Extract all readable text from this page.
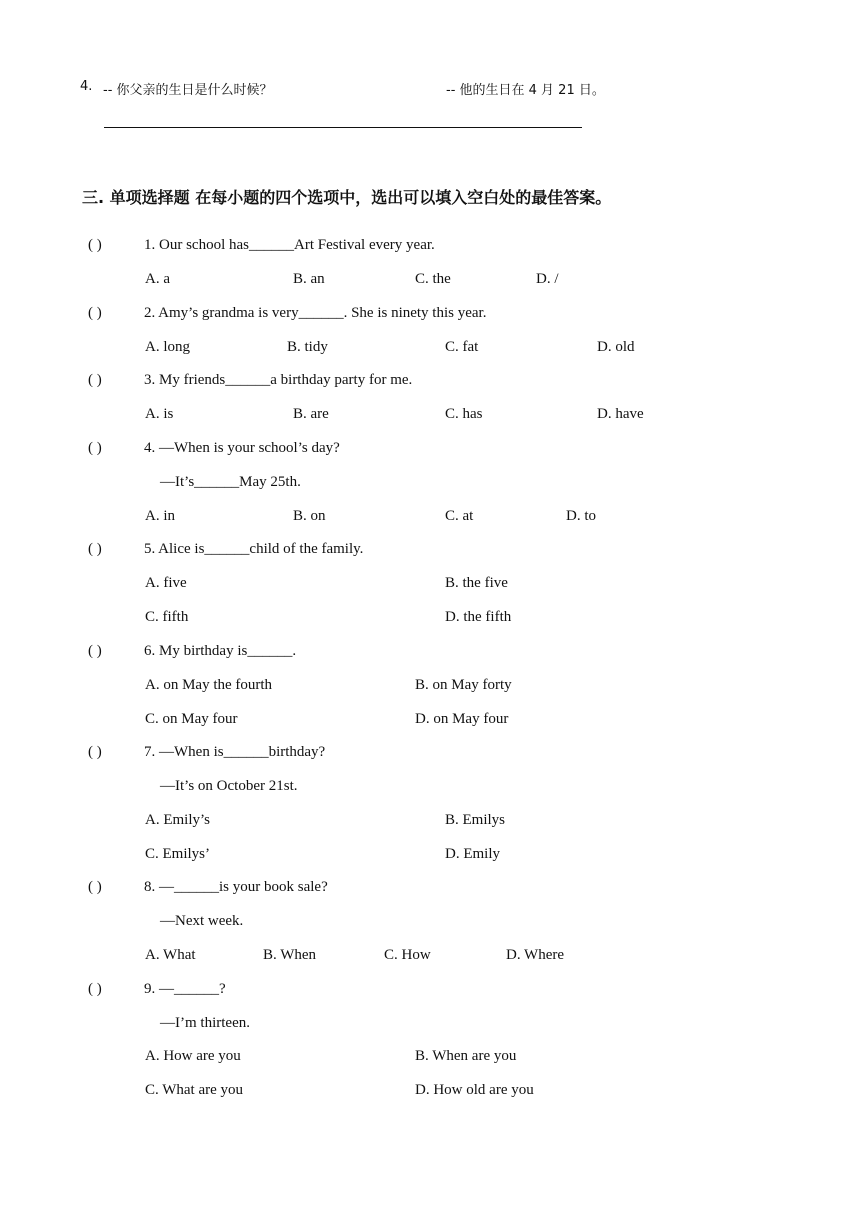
4. -- 你父亲的生日是什么时候？	-- 他的生日在 4 月 21 日。
三. 单项选择题 在每小题的四个选项中，选出可以填入空白处的最佳答案。
( )	1. Our school has______Art Festival every year.
A. a	B. an	C. the	D. /
( )	2. Amy’s grandma is very______. She is ninety this year.
A. long	B. tidy	C. fat	D. old
( )	3. My friends______a birthday party for me.
A. is	B. are	C. has	D. have
( )	4. —When is your school’s day?
—It’s______May 25th.
A. in	B. on	C. at	D. to
( )	5. Alice is______child of the family.
A. five	B. the five
C. fifth	D. the fifth
( )	6. My birthday is______.
A. on May the fourth	B. on May forty
C. on May four	D. on May four
( )	7. —When is______birthday?
—It’s on October 21st.
A. Emily’s	B. Emilys
C. Emilys’	D. Emily
( )	8. —______is your book sale?
—Next week.
A. What	B. When	C. How	D. Where
( )	9. —______?
—I’m thirteen.
A. How are you	B. When are you
C. What are you	D. How old are you
